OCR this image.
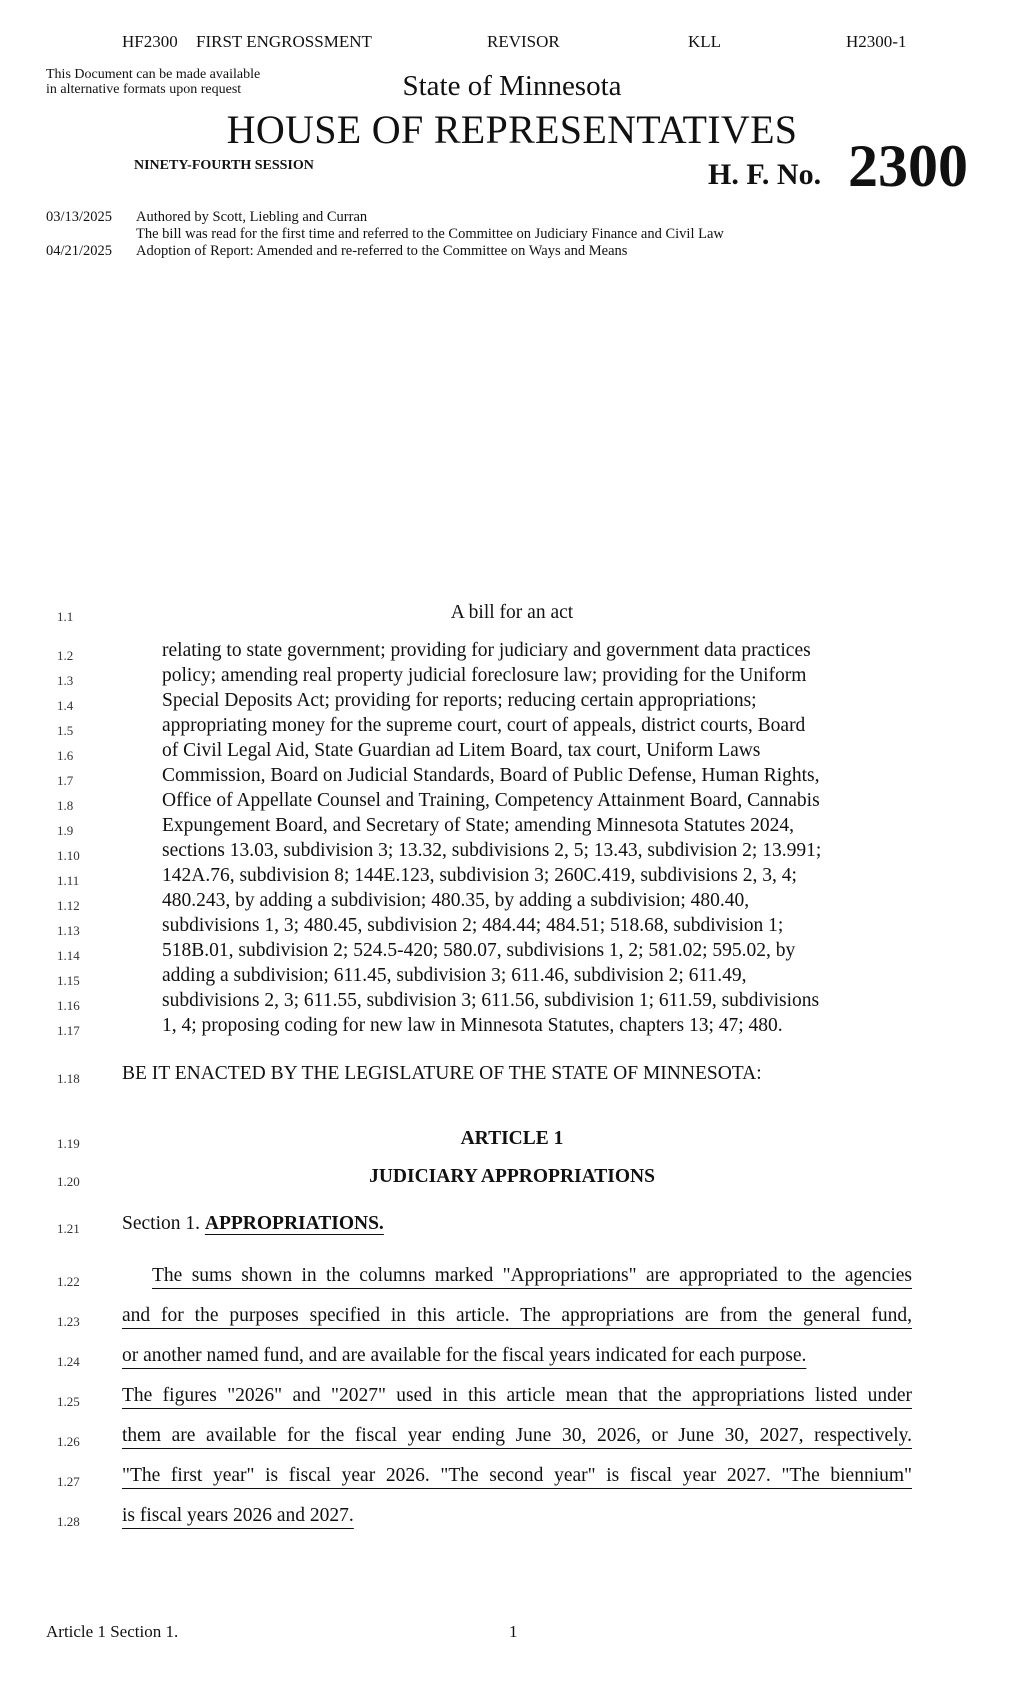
HF2300 FIRST ENGROSSMENT	REVISOR	KLL	H2300-1
This Document can be made available
in alternative formats upon request	State of Minnesota
HOUSE OF REPRESENTATIVES
NINETY-FOURTH SESSION	H. F. No. 2300
03/13/2025 Authored by Scott, Liebling and Curran
The bill was read for the first time and referred to the Committee on Judiciary Finance and Civil Law
04/21/2025 Adoption of Report: Amended and re-referred to the Committee on Ways and Means
1.1	A bill for an act
1.2	relating to state government; providing for judiciary and government data practices
1.3	policy; amending real property judicial foreclosure law; providing for the Uniform
1.4	Special Deposits Act; providing for reports; reducing certain appropriations;
1.5	appropriating money for the supreme court, court of appeals, district courts, Board
1.6	of Civil Legal Aid, State Guardian ad Litem Board, tax court, Uniform Laws
1.7	Commission, Board on Judicial Standards, Board of Public Defense, Human Rights,
1.8	Office of Appellate Counsel and Training, Competency Attainment Board, Cannabis
1.9	Expungement Board, and Secretary of State; amending Minnesota Statutes 2024,
1.10	sections 13.03, subdivision 3; 13.32, subdivisions 2, 5; 13.43, subdivision 2; 13.991;
1.11	142A.76, subdivision 8; 144E.123, subdivision 3; 260C.419, subdivisions 2, 3, 4;
1.12	480.243, by adding a subdivision; 480.35, by adding a subdivision; 480.40,
1.13	subdivisions 1, 3; 480.45, subdivision 2; 484.44; 484.51; 518.68, subdivision 1;
1.14	518B.01, subdivision 2; 524.5-420; 580.07, subdivisions 1, 2; 581.02; 595.02, by
1.15	adding a subdivision; 611.45, subdivision 3; 611.46, subdivision 2; 611.49,
1.16	subdivisions 2, 3; 611.55, subdivision 3; 611.56, subdivision 1; 611.59, subdivisions
1.17	1, 4; proposing coding for new law in Minnesota Statutes, chapters 13; 47; 480.
1.18 BE IT ENACTED BY THE LEGISLATURE OF THE STATE OF MINNESOTA:
1.19	ARTICLE 1
1.20	JUDICIARY APPROPRIATIONS
1.21 Section 1. APPROPRIATIONS.
1.22	The sums shown in the columns marked "Appropriations" are appropriated to the agencies
1.23 and for the purposes specified in this article. The appropriations are from the general fund,
1.24 or another named fund, and are available for the fiscal years indicated for each purpose.
1.25 The figures "2026" and "2027" used in this article mean that the appropriations listed under
1.26 them are available for the fiscal year ending June 30, 2026, or June 30, 2027, respectively.
1.27 "The first year" is fiscal year 2026. "The second year" is fiscal year 2027. "The biennium"
1.28 is fiscal years 2026 and 2027.
Article 1 Section 1.	1
